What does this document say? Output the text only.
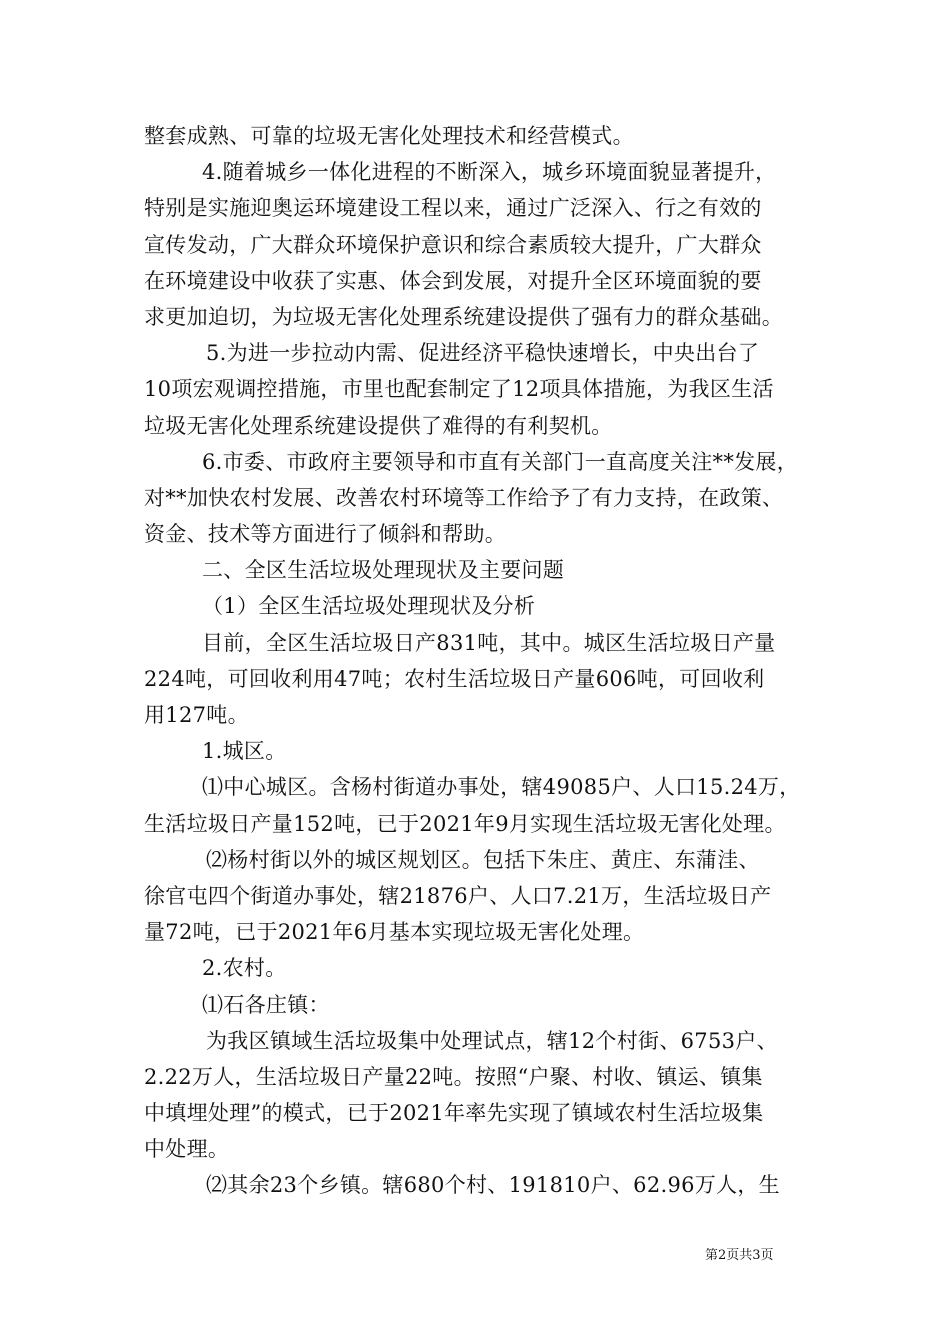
整套成熟、可靠的垃圾无害化处理技术和经营模式。
4.随着城乡一体化进程的不断深入，城乡环境面貌显著提升，
特别是实施迎奥运环境建设工程以来，通过广泛深入、行之有效的
宣传发动，广大群众环境保护意识和综合素质较大提升，广大群众
在环境建设中收获了实惠、体会到发展，对提升全区环境面貌的要
求更加迫切，为垃圾无害化处理系统建设提供了强有力的群众基础。
5.为进一步拉动内需、促进经济平稳快速增长，中央出台了
10项宏观调控措施，市里也配套制定了12项具体措施，为我区生活
垃圾无害化处理系统建设提供了难得的有利契机。
6.市委、市政府主要领导和市直有关部门一直高度关注**发展，
对**加快农村发展、改善农村环境等工作给予了有力支持，在政策、
资金、技术等方面进行了倾斜和帮助。
二、全区生活垃圾处理现状及主要问题
（1）全区生活垃圾处理现状及分析
目前，全区生活垃圾日产831吨，其中。城区生活垃圾日产量
224吨，可回收利用47吨；农村生活垃圾日产量606吨，可回收利
用127吨。
1.城区。
⑴中心城区。含杨村街道办事处，辖49085户、人口15.24万，
生活垃圾日产量152吨，已于2021年9月实现生活垃圾无害化处理。
⑵杨村街以外的城区规划区。包括下朱庄、黄庄、东蒲洼、
徐官屯四个街道办事处，辖21876户、人口7.21万，生活垃圾日产
量72吨，已于2021年6月基本实现垃圾无害化处理。
2.农村。
⑴石各庄镇：
为我区镇域生活垃圾集中处理试点，辖12个村街、6753户、
2.22万人，生活垃圾日产量22吨。按照“户聚、村收、镇运、镇集
中填埋处理”的模式，已于2021年率先实现了镇域农村生活垃圾集
中处理。
⑵其余23个乡镇。辖680个村、191810户、62.96万人，生
第2页共3页
